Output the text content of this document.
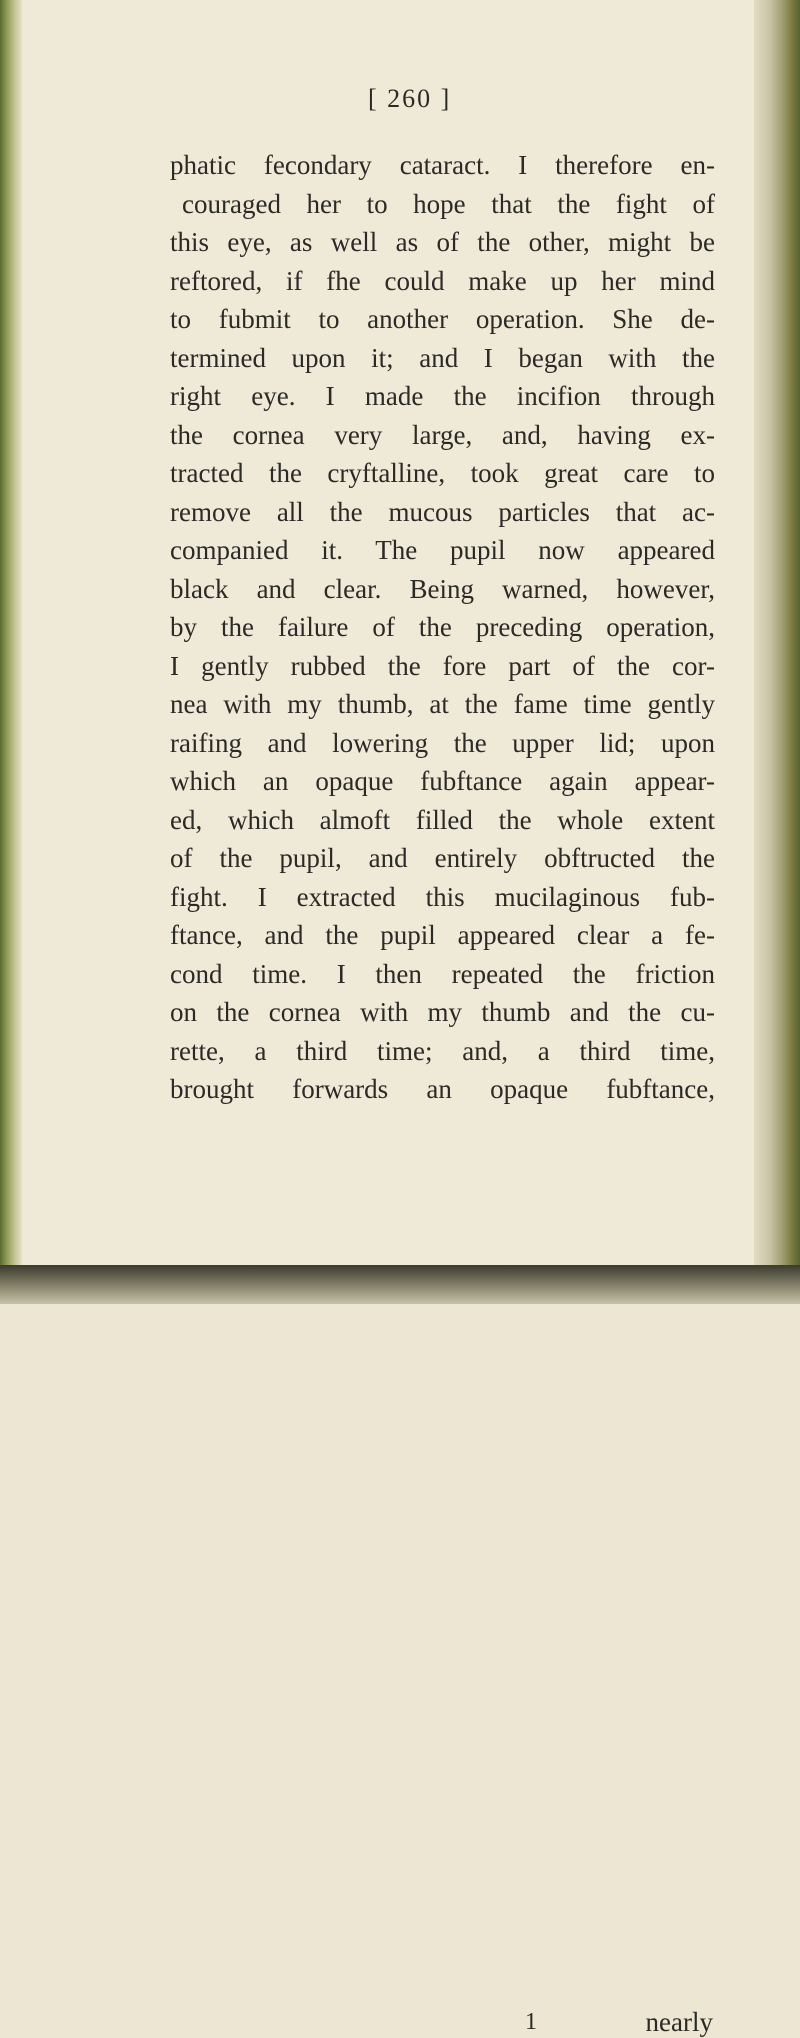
[ 260 ]
phatic fecondary cataract. I therefore en-
couraged her to hope that the fight of
this eye, as well as of the other, might be
reftored, if fhe could make up her mind
to fubmit to another operation. She de-
termined upon it; and I began with the
right eye. I made the incifion through
the cornea very large, and, having ex-
tracted the cryftalline, took great care to
remove all the mucous particles that ac-
companied it. The pupil now appeared
black and clear. Being warned, however,
by the failure of the preceding operation,
I gently rubbed the fore part of the cor-
nea with my thumb, at the fame time gently
raifing and lowering the upper lid; upon
which an opaque fubftance again appear-
ed, which almoft filled the whole extent
of the pupil, and entirely obftructed the
fight. I extracted this mucilaginous fub-
ftance, and the pupil appeared clear a fe-
cond time. I then repeated the friction
on the cornea with my thumb and the cu-
rette, a third time; and, a third time,
brought forwards an opaque fubftance,
1	nearly
